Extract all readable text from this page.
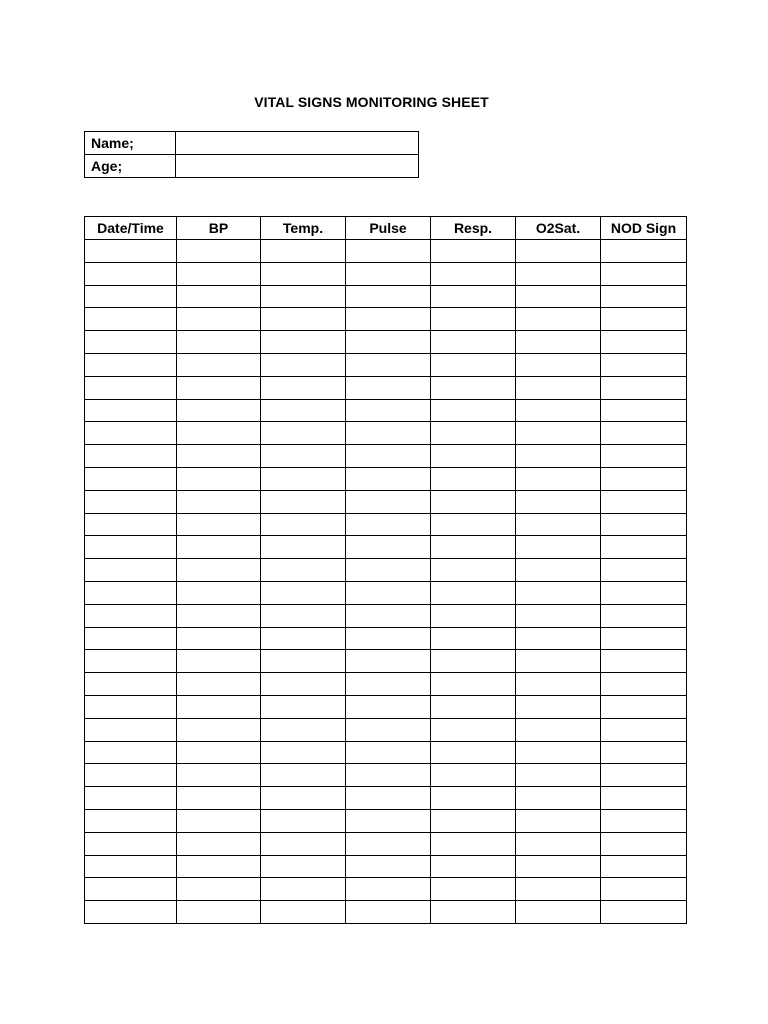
VITAL SIGNS MONITORING SHEET
Name;	
Age;	
Date/Time	BP	Temp.	Pulse	Resp.	O2Sat.	NOD Sign
